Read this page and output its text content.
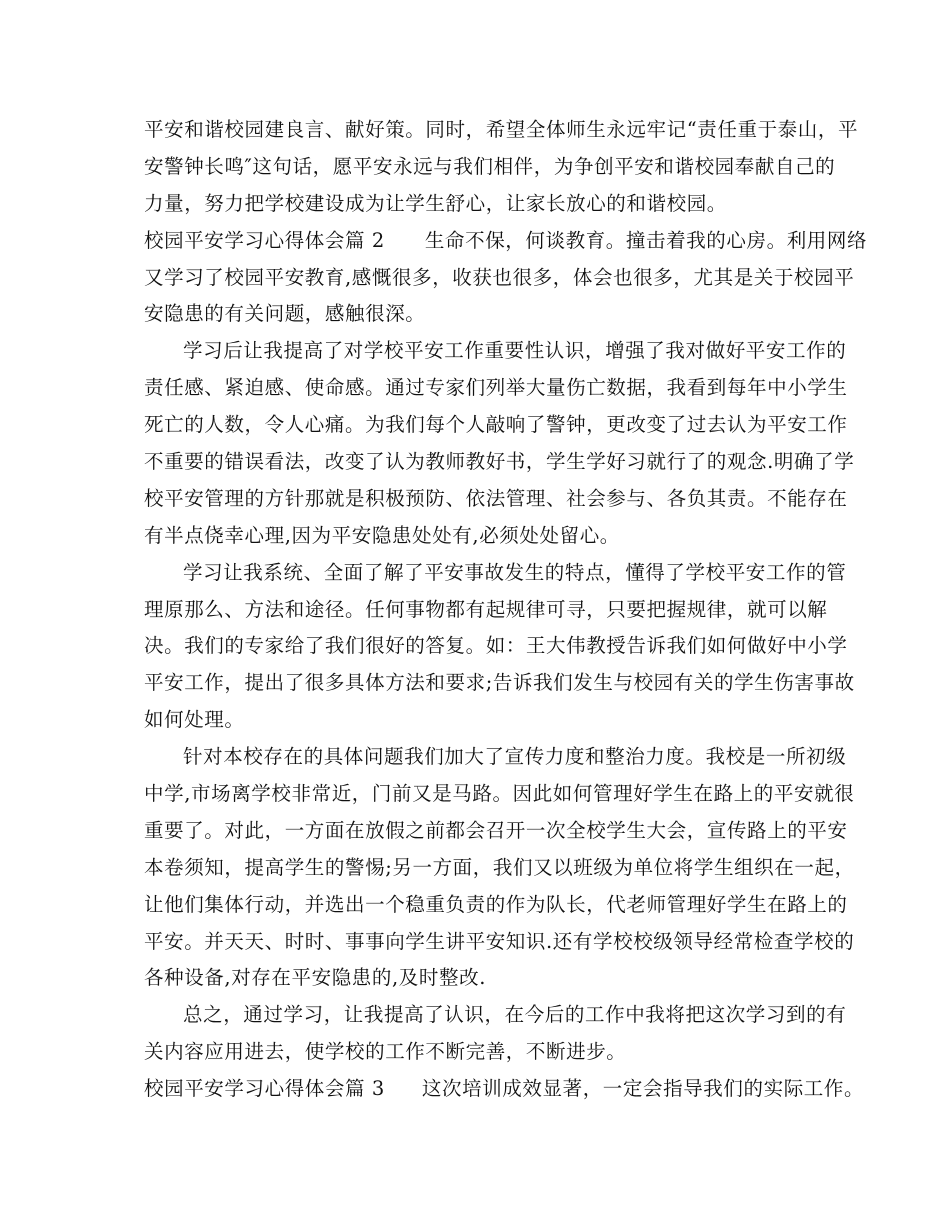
平安和谐校园建良言、献好策。同时，希望全体师生永远牢记“责任重于泰山，平
安警钟长鸣″这句话，愿平安永远与我们相伴，为争创平安和谐校园奉献自己的
力量，努力把学校建设成为让学生舒心，让家长放心的和谐校园。
校园平安学习心得体会篇 2 生命不保，何谈教育。撞击着我的心房。利用网络
又学习了校园平安教育,感慨很多，收获也很多，体会也很多，尤其是关于校园平
安隐患的有关问题，感触很深。
学习后让我提高了对学校平安工作重要性认识，增强了我对做好平安工作的
责任感、紧迫感、使命感。通过专家们列举大量伤亡数据，我看到每年中小学生
死亡的人数，令人心痛。为我们每个人敲响了警钟，更改变了过去认为平安工作
不重要的错误看法，改变了认为教师教好书，学生学好习就行了的观念.明确了学
校平安管理的方针那就是积极预防、依法管理、社会参与、各负其责。不能存在
有半点侥幸心理,因为平安隐患处处有,必须处处留心。
学习让我系统、全面了解了平安事故发生的特点，懂得了学校平安工作的管
理原那么、方法和途径。任何事物都有起规律可寻，只要把握规律，就可以解
决。我们的专家给了我们很好的答复。如：王大伟教授告诉我们如何做好中小学
平安工作，提出了很多具体方法和要求;告诉我们发生与校园有关的学生伤害事故
如何处理。
针对本校存在的具体问题我们加大了宣传力度和整治力度。我校是一所初级
中学,市场离学校非常近，门前又是马路。因此如何管理好学生在路上的平安就很
重要了。对此，一方面在放假之前都会召开一次全校学生大会，宣传路上的平安
本卷须知，提高学生的警惕;另一方面，我们又以班级为单位将学生组织在一起，
让他们集体行动，并选出一个稳重负责的作为队长，代老师管理好学生在路上的
平安。并天天、时时、事事向学生讲平安知识.还有学校校级领导经常检查学校的
各种设备,对存在平安隐患的,及时整改.
总之，通过学习，让我提高了认识，在今后的工作中我将把这次学习到的有
关内容应用进去，使学校的工作不断完善，不断进步。
校园平安学习心得体会篇 3 这次培训成效显著，一定会指导我们的实际工作。
